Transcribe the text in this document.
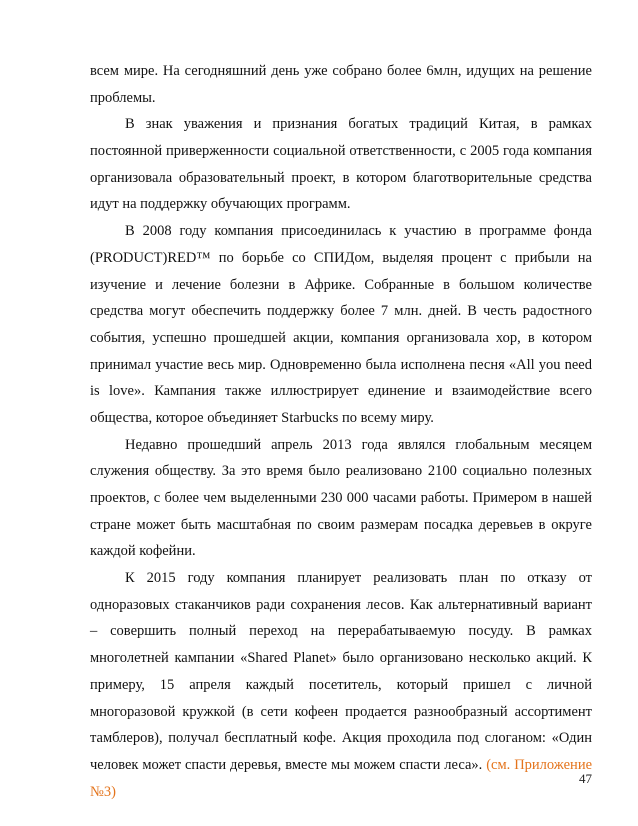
всем мире. На сегодняшний день уже собрано более 6млн, идущих на решение
проблемы.
В знак уважения и признания богатых традиций Китая, в рамках
постоянной приверженности социальной ответственности, с 2005 года компания
организовала образовательный проект, в котором благотворительные средства
идут на поддержку обучающих программ.
В 2008 году компания присоединилась к участию в программе фонда
(PRODUCT)RED™ по борьбе со СПИДом, выделяя процент с прибыли на
изучение и лечение болезни в Африке. Собранные в большом количестве
средства могут обеспечить поддержку более 7 млн. дней. В честь радостного
события, успешно прошедшей акции, компания организовала хор, в котором
принимал участие весь мир. Одновременно была исполнена песня «All you need
is love». Кампания также иллюстрирует единение и взаимодействие всего
общества, которое объединяет Starbucks по всему миру.
Недавно прошедший апрель 2013 года являлся глобальным месяцем
служения обществу. За это время было реализовано 2100 социально полезных
проектов, с более чем выделенными 230 000 часами работы. Примером в нашей
стране может быть масштабная по своим размерам посадка деревьев в округе
каждой кофейни.
К 2015 году компания планирует реализовать план по отказу от
одноразовых стаканчиков ради сохранения лесов. Как альтернативный вариант
– совершить полный переход на перерабатываемую посуду. В рамках
многолетней кампании «Shared Planet» было организовано несколько акций. К
примеру, 15 апреля каждый посетитель, который пришел с личной
многоразовой кружкой (в сети кофеен продается разнообразный ассортимент
тамблеров), получал бесплатный кофе. Акция проходила под слоганом: «Один
человек может спасти деревья, вместе мы можем спасти леса». (см. Приложение
№3)
47
